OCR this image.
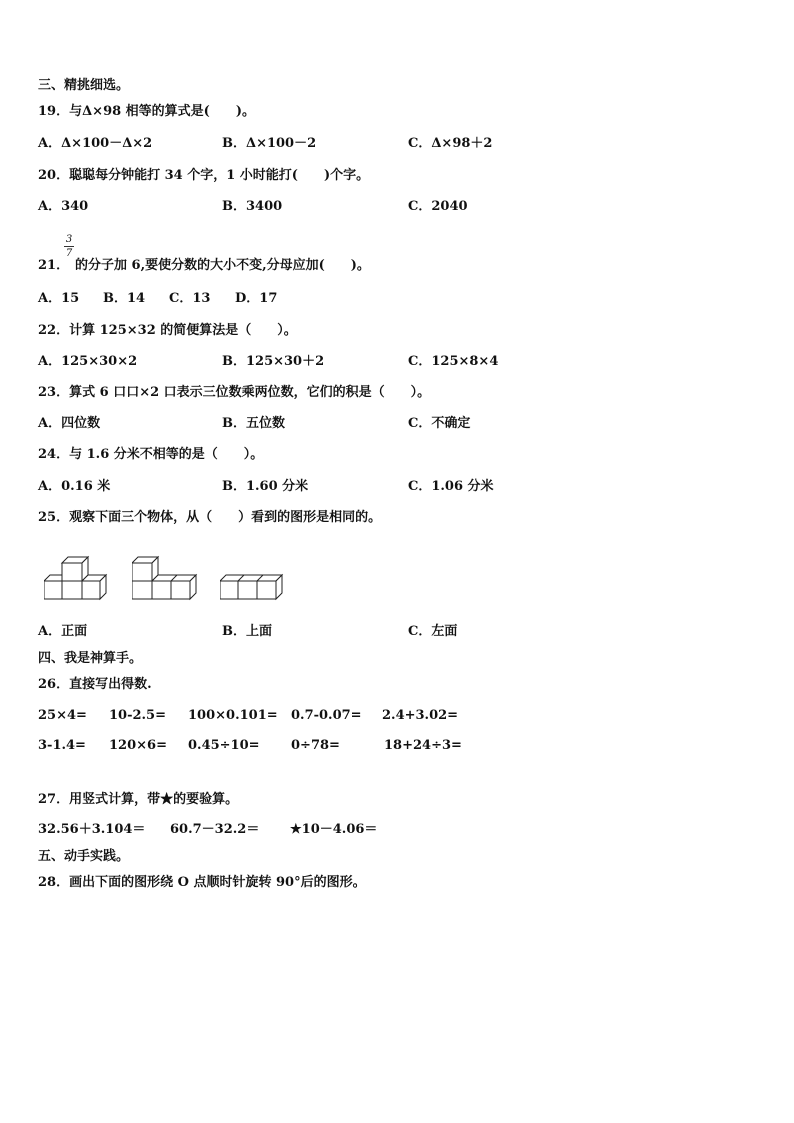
三、精挑细选。
19．与Δ×98 相等的算式是(　　)。
A．Δ×100－Δ×2	B．Δ×100－2	C．Δ×98＋2
20．聪聪每分钟能打 34 个字，1 小时能打(　　)个字。
A．340	B．3400	C．2040
3
7
21． 的分子加 6,要使分数的大小不变,分母应加(　　)。
A．15 B．14 C．13 D．17
22．计算 125×32 的简便算法是（　　）。
A．125×30×2	B．125×30＋2	C．125×8×4
23．算式 6 口口×2 口表示三位数乘两位数，它们的积是（　　）。
A．四位数	B．五位数	C．不确定
24．与 1.6 分米不相等的是（　　）。
A．0.16 米	B．1.60 分米	C．1.06 分米
25．观察下面三个物体，从（　　）看到的图形是相同的。
A．正面	B．上面	C．左面
四、我是神算手。
26．直接写出得数.
25×4= 10-2.5= 100×0.101= 0.7-0.07= 2.4+3.02=
3-1.4= 120×6= 0.45÷10= 0÷78=	18+24÷3=
27．用竖式计算，带★的要验算。
32.56＋3.104＝ 60.7－32.2＝ ★10－4.06＝
五、动手实践。
28．画出下面的图形绕 O 点顺时针旋转 90°后的图形。
